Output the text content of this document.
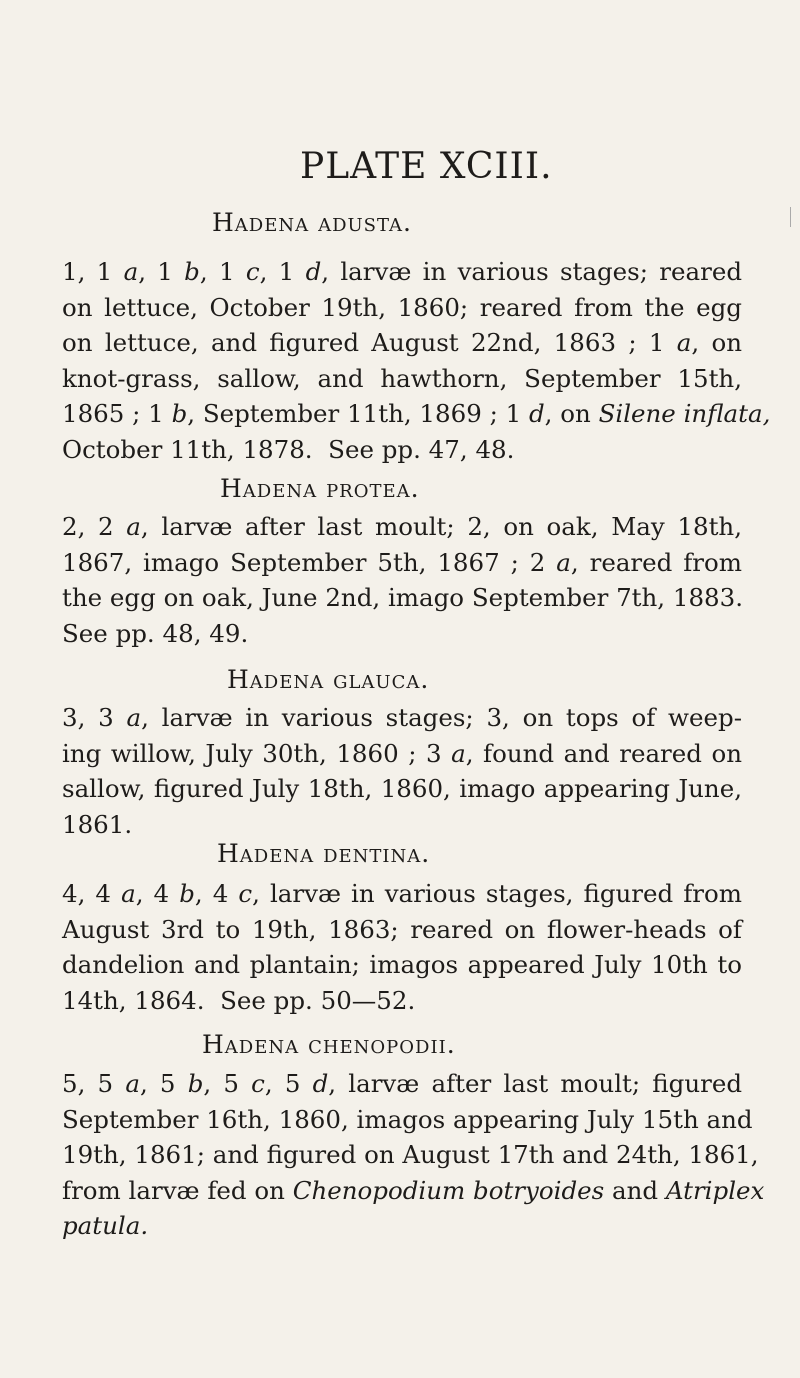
PLATE XCIII.
Hadena adusta.
1, 1 a, 1 b, 1 c, 1 d, larvæ in various stages; reared
on lettuce, October 19th, 1860; reared from the egg
on lettuce, and figured August 22nd, 1863 ; 1 a, on
knot-grass, sallow, and hawthorn, September 15th,
1865 ; 1 b, September 11th, 1869 ; 1 d, on Silene inflata,
October 11th, 1878.  See pp. 47, 48.
Hadena protea.
2, 2 a, larvæ after last moult; 2, on oak, May 18th,
1867, imago September 5th, 1867 ; 2 a, reared from
the egg on oak, June 2nd, imago September 7th, 1883.
See pp. 48, 49.
Hadena glauca.
3, 3 a, larvæ in various stages; 3, on tops of weep-
ing willow, July 30th, 1860 ; 3 a, found and reared on
sallow, figured July 18th, 1860, imago appearing June,
1861.
Hadena dentina.
4, 4 a, 4 b, 4 c, larvæ in various stages, figured from
August 3rd to 19th, 1863; reared on flower-heads of
dandelion and plantain; imagos appeared July 10th to
14th, 1864.  See pp. 50—52.
Hadena chenopodii.
5, 5 a, 5 b, 5 c, 5 d, larvæ after last moult; figured
September 16th, 1860, imagos appearing July 15th and
19th, 1861; and figured on August 17th and 24th, 1861,
from larvæ fed on Chenopodium botryoides and Atriplex
patula.
